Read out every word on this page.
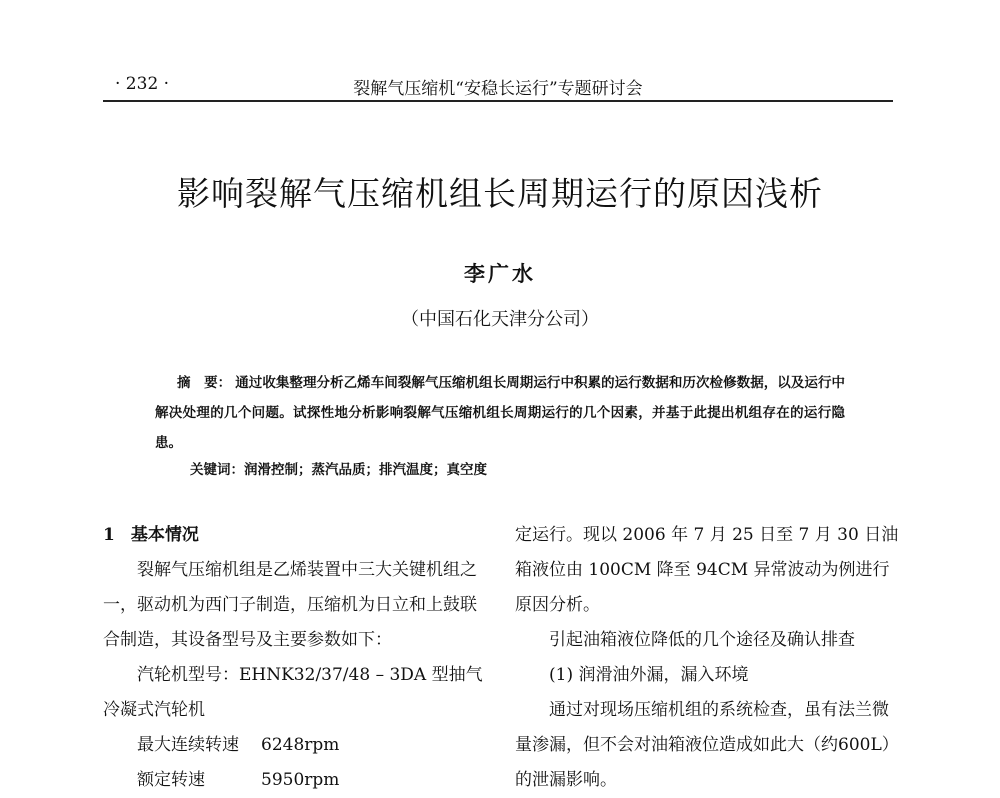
· 232 ·	裂解气压缩机“安稳长运行”专题研讨会
影响裂解气压缩机组长周期运行的原因浅析
李广水
（中国石化天津分公司）
摘　要： 通过收集整理分析乙烯车间裂解气压缩机组长周期运行中积累的运行数据和历次检修数据，以及运行中解决处理的几个问题。试探性地分析影响裂解气压缩机组长周期运行的几个因素，并基于此提出机组存在的运行隐患。
关键词：润滑控制；蒸汽品质；排汽温度；真空度

1 基本情况

裂解气压缩机组是乙烯装置中三大关键机组之一，驱动机为西门子制造，压缩机为日立和上鼓联合制造，其设备型号及主要参数如下：

汽轮机型号：EHNK32/37/48 – 3DA 型抽气冷凝式汽轮机

最大连续转速 6248rpm

额定转速	5950rpm

定运行。现以 2006 年 7 月 25 日至 7 月 30 日油箱液位由 100CM 降至 94CM 异常波动为例进行原因分析。

引起油箱液位降低的几个途径及确认排查

(1) 润滑油外漏，漏入环境

通过对现场压缩机组的系统检查，虽有法兰微量渗漏，但不会对油箱液位造成如此大（约600L）的泄漏影响。
